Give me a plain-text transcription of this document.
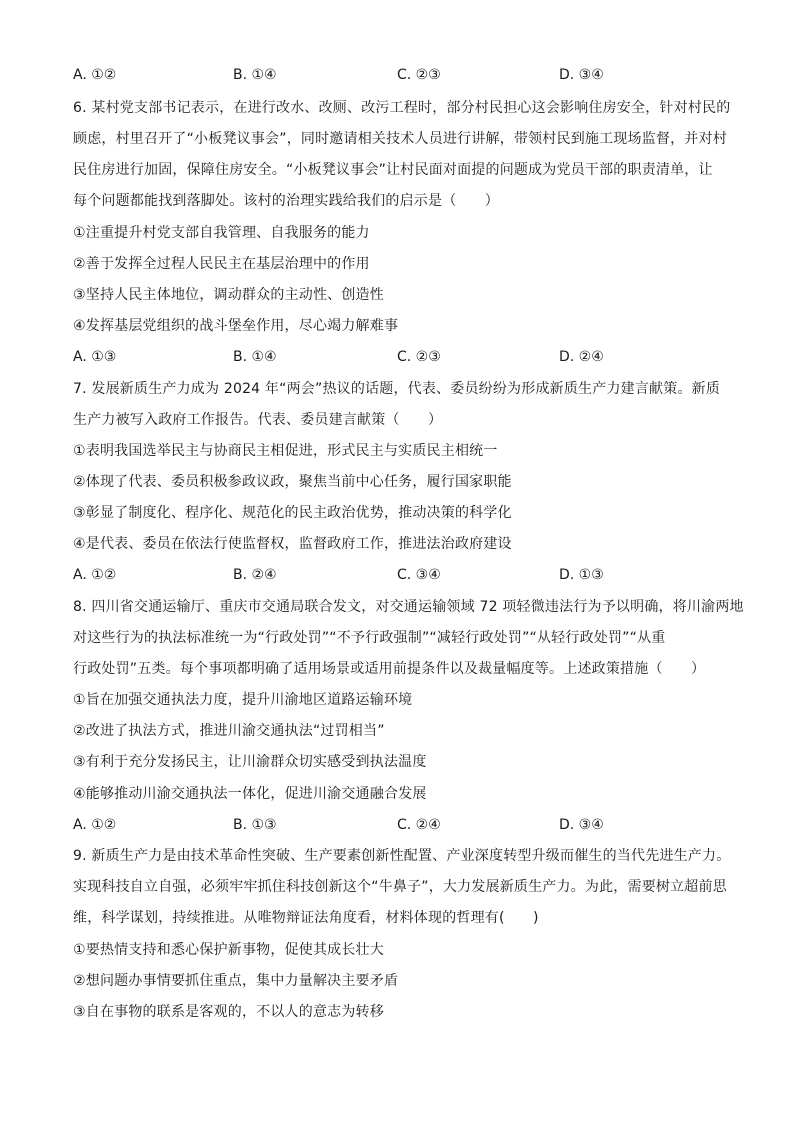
A. ①②	B. ①④	C. ②③	D. ③④
6. 某村党支部书记表示，在进行改水、改厕、改污工程时，部分村民担心这会影响住房安全，针对村民的
顾虑，村里召开了“小板凳议事会”，同时邀请相关技术人员进行讲解，带领村民到施工现场监督，并对村
民住房进行加固，保障住房安全。“小板凳议事会”让村民面对面提的问题成为党员干部的职责清单，让
每个问题都能找到落脚处。该村的治理实践给我们的启示是（　　）
①注重提升村党支部自我管理、自我服务的能力
②善于发挥全过程人民民主在基层治理中的作用
③坚持人民主体地位，调动群众的主动性、创造性
④发挥基层党组织的战斗堡垒作用，尽心竭力解难事
A. ①③	B. ①④	C. ②③	D. ②④
7. 发展新质生产力成为 2024 年“两会”热议的话题，代表、委员纷纷为形成新质生产力建言献策。新质
生产力被写入政府工作报告。代表、委员建言献策（　　）
①表明我国选举民主与协商民主相促进，形式民主与实质民主相统一
②体现了代表、委员积极参政议政，聚焦当前中心任务，履行国家职能
③彰显了制度化、程序化、规范化的民主政治优势，推动决策的科学化
④是代表、委员在依法行使监督权，监督政府工作，推进法治政府建设
A. ①②	B. ②④	C. ③④	D. ①③
8. 四川省交通运输厅、重庆市交通局联合发文，对交通运输领域 72 项轻微违法行为予以明确，将川渝两地
对这些行为的执法标准统一为“行政处罚”“不予行政强制”“减轻行政处罚”“从轻行政处罚”“从重
行政处罚”五类。每个事项都明确了适用场景或适用前提条件以及裁量幅度等。上述政策措施（　　）
①旨在加强交通执法力度，提升川渝地区道路运输环境
②改进了执法方式，推进川渝交通执法“过罚相当”
③有利于充分发扬民主，让川渝群众切实感受到执法温度
④能够推动川渝交通执法一体化，促进川渝交通融合发展
A. ①②	B. ①③	C. ②④	D. ③④
9. 新质生产力是由技术革命性突破、生产要素创新性配置、产业深度转型升级而催生的当代先进生产力。
实现科技自立自强，必须牢牢抓住科技创新这个“牛鼻子”，大力发展新质生产力。为此，需要树立超前思
维，科学谋划，持续推进。从唯物辩证法角度看，材料体现的哲理有(　　)
①要热情支持和悉心保护新事物，促使其成长壮大
②想问题办事情要抓住重点，集中力量解决主要矛盾
③自在事物的联系是客观的，不以人的意志为转移
